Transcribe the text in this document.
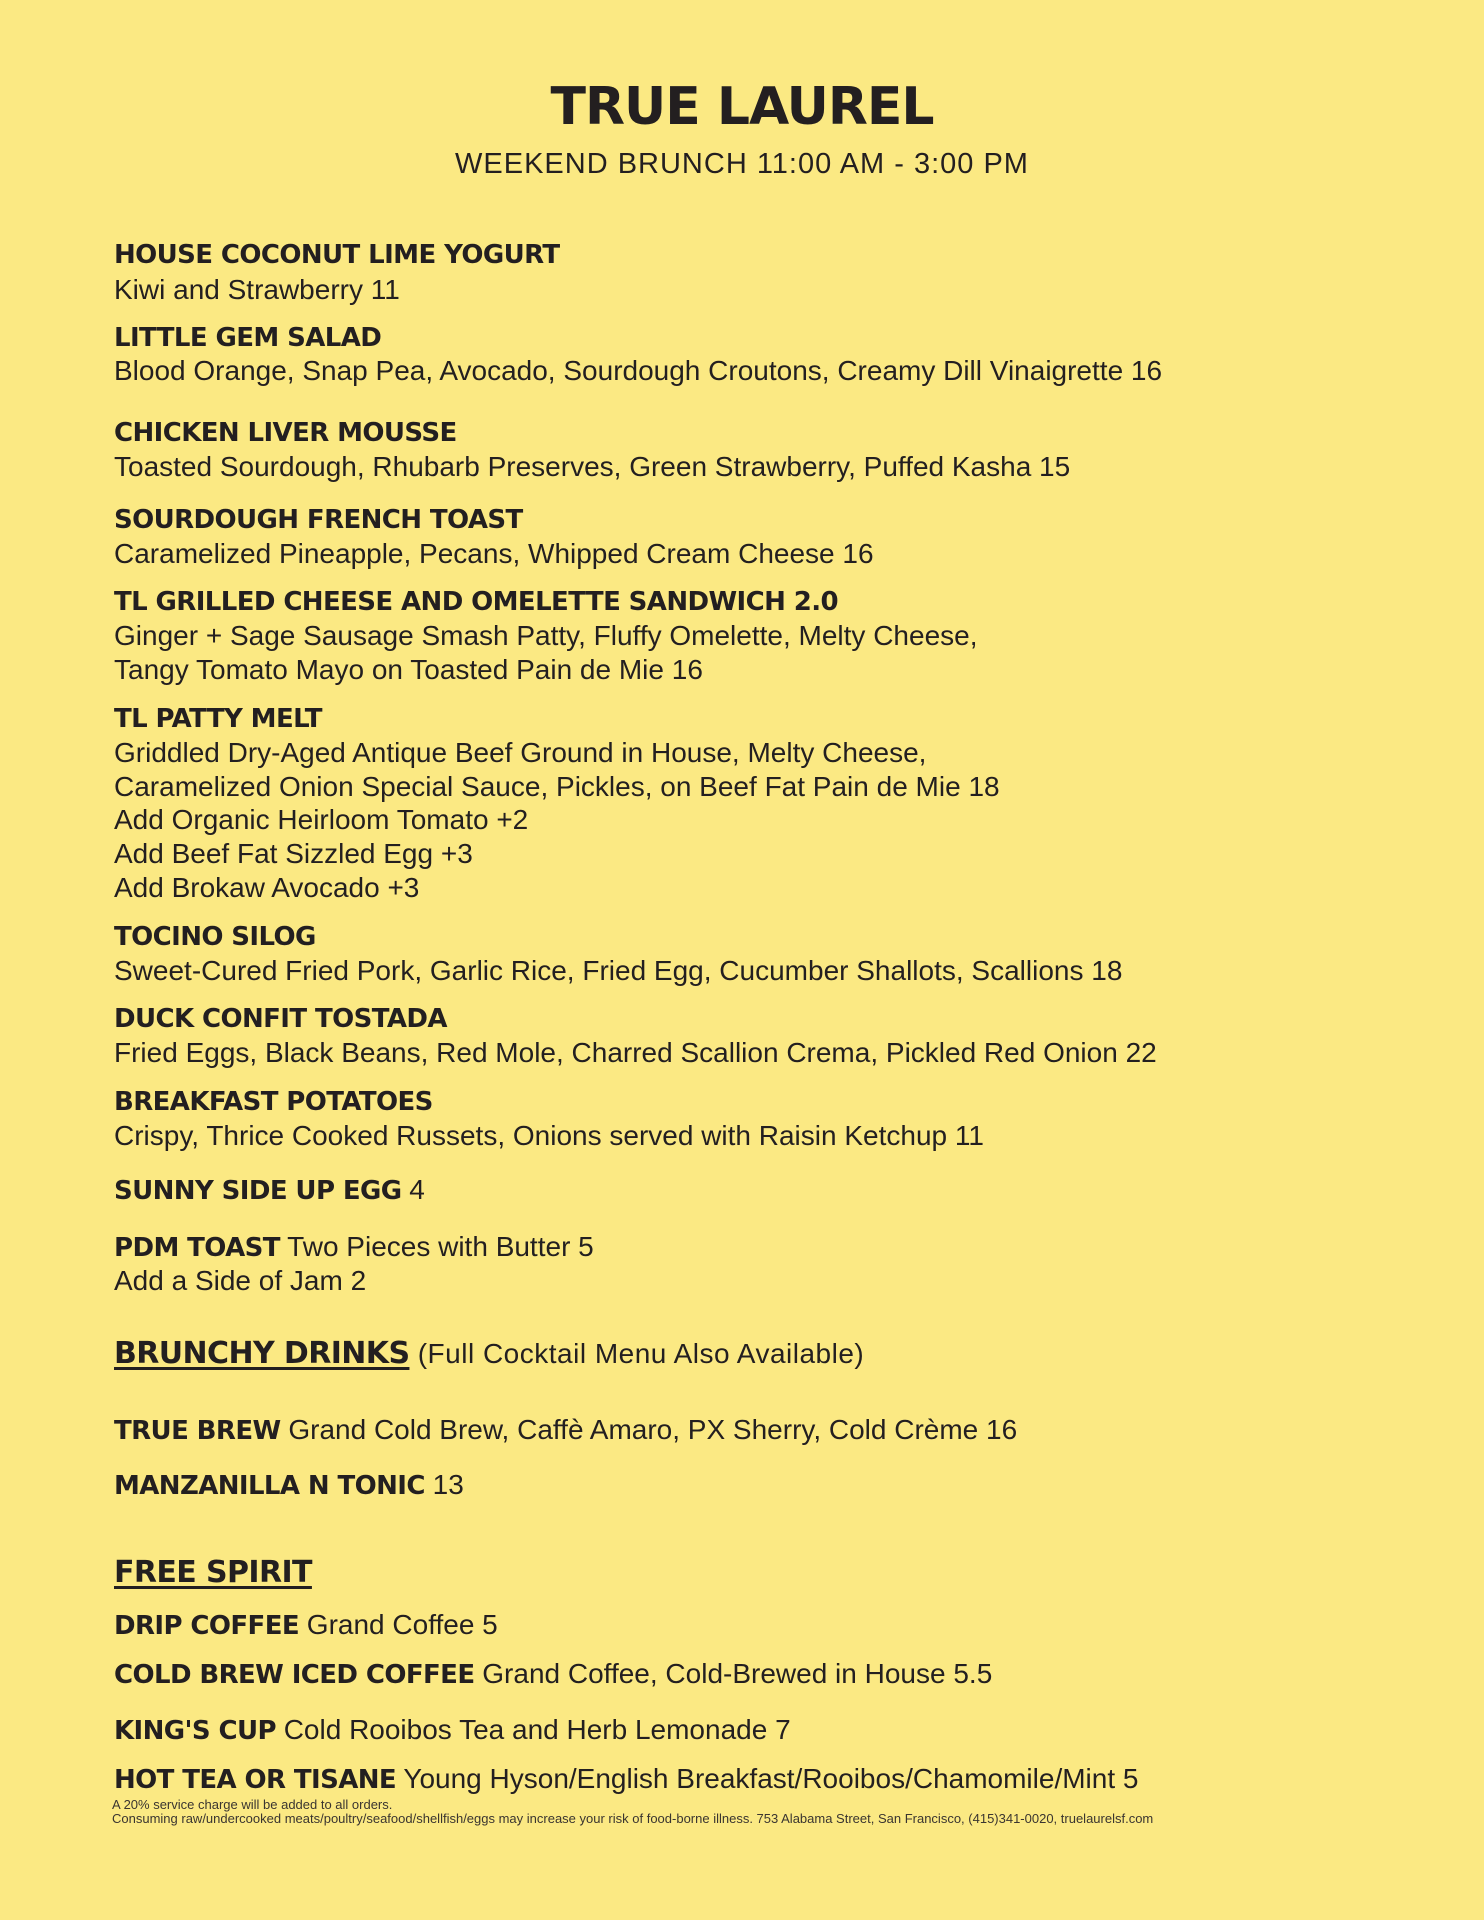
TRUE LAUREL
WEEKEND BRUNCH 11:00 AM - 3:00 PM
HOUSE COCONUT LIME YOGURT
Kiwi and Strawberry 11
LITTLE GEM SALAD
Blood Orange, Snap Pea, Avocado, Sourdough Croutons, Creamy Dill Vinaigrette 16
CHICKEN LIVER MOUSSE
Toasted Sourdough, Rhubarb Preserves, Green Strawberry, Puffed Kasha 15
SOURDOUGH FRENCH TOAST
Caramelized Pineapple, Pecans, Whipped Cream Cheese 16
TL GRILLED CHEESE AND OMELETTE SANDWICH 2.0
Ginger + Sage Sausage Smash Patty, Fluffy Omelette, Melty Cheese,
Tangy Tomato Mayo on Toasted Pain de Mie 16
TL PATTY MELT
Griddled Dry-Aged Antique Beef Ground in House, Melty Cheese,
Caramelized Onion Special Sauce, Pickles, on Beef Fat Pain de Mie 18
Add Organic Heirloom Tomato +2
Add Beef Fat Sizzled Egg +3
Add Brokaw Avocado +3
TOCINO SILOG
Sweet-Cured Fried Pork, Garlic Rice, Fried Egg, Cucumber Shallots, Scallions 18
DUCK CONFIT TOSTADA
Fried Eggs, Black Beans, Red Mole, Charred Scallion Crema, Pickled Red Onion 22
BREAKFAST POTATOES
Crispy, Thrice Cooked Russets, Onions served with Raisin Ketchup 11
SUNNY SIDE UP EGG 4
PDM TOAST Two Pieces with Butter 5
Add a Side of Jam 2
BRUNCHY DRINKS (Full Cocktail Menu Also Available)
TRUE BREW Grand Cold Brew, Caffè Amaro, PX Sherry, Cold Crème 16
MANZANILLA N TONIC 13
FREE SPIRIT
DRIP COFFEE Grand Coffee 5
COLD BREW ICED COFFEE Grand Coffee, Cold-Brewed in House 5.5
KING'S CUP Cold Rooibos Tea and Herb Lemonade 7
HOT TEA OR TISANE Young Hyson/English Breakfast/Rooibos/Chamomile/Mint 5
A 20% service charge will be added to all orders.
Consuming raw/undercooked meats/poultry/seafood/shellfish/eggs may increase your risk of food-borne illness. 753 Alabama Street, San Francisco, (415)341-0020, truelaurelsf.com
